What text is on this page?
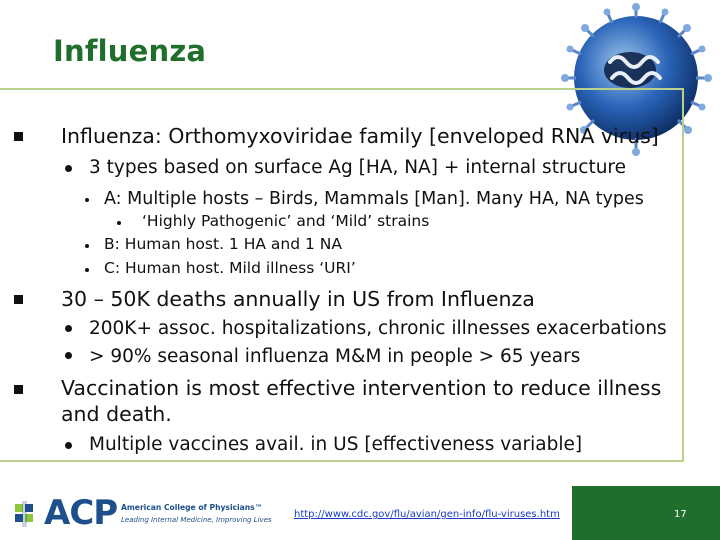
Influenza
Influenza: Orthomyxoviridae family [enveloped RNA virus]
3 types based on surface Ag [HA, NA] + internal structure
A: Multiple hosts – Birds, Mammals [Man]. Many HA, NA types
‘Highly Pathogenic’ and ‘Mild’ strains
B: Human host. 1 HA and 1 NA
C: Human host. Mild illness ‘URI’
30 – 50K deaths annually in US from Influenza
200K+ assoc. hospitalizations, chronic illnesses exacerbations
> 90% seasonal influenza M&M in people > 65 years
Vaccination is most effective intervention to reduce illness
and death.
Multiple vaccines avail. in US [effectiveness variable]
ACP American College of Physicians™
Leading Internal Medicine, Improving Lives http://www.cdc.gov/flu/avian/gen-info/flu-viruses.htm	17
